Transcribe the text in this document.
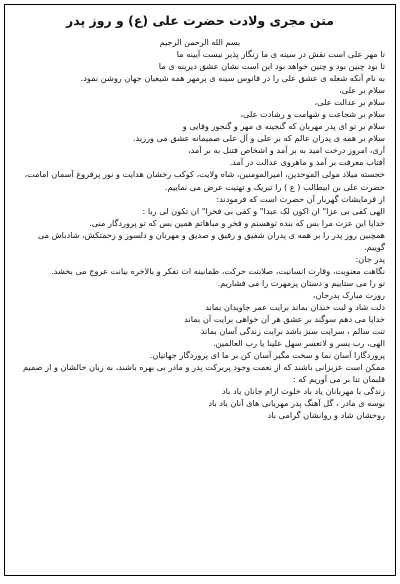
متن مجری ولادت حضرت علی (ع) و روز پدر
بسم الله الرحمن الرحیم
تا مهر علی است نقش در سینه ی ما زنگار پذیر نیست آیینه ما
تا بود چنین بود و چنین خواهد بود این است نشان عشق دیرینه ی ما
به نام آنکه شعله ی عشق علی را در فانوس سینه ی پرمهر همه شیعیان جهان روشن نمود.
سلام بر علی،
سلام بر عدالت علی،
سلام بر شجاعت و شهامت و رشادت علی،
سلام بر تو ای پدر مهربان که گنجینه ی مهر و گنجور وفایی و
سلام بر همه ی پدران عالم که بر علی و آل علی صمیمانه عشق می ورزید.
آری، امروز درخت امید به بر آمد و اشخاص فتنل به بر آمد،
آفتاب معرفت بر آمد و ماهروی عدالت در آمد.
خجسته میلاد مولی الموحدین، امیرالمومنین، شاه ولایت، کوکب رخشان هدایت و نور پرفروغ آسمان امامت،
حضرت علی بن ابیطالب ( ع ) را تبریک و تهنیت عرض می نماییم.
از فرمایشات گهربار آن حضرت است که فرمودند:
الهی کفی بی عزا" ان اکون لک عبدا" و کفی بی فخرا" ان تکون لی ربا :
خدایا این عزت مرا بس که بنده توهستم و فخر و مباهاتم همین بس که تو پروردگار منی.
همچنین روز پدر را بر همه ی پدران شفیق و رفیق و صدیق و مهربان و دلسوز و زحمتکش، شادباش می
گوییم.
پدر جان:
نگاهت معنویت، وقارت انسانیت، صلابتت حرکت، طمانینه ات تفکر و بالاخره بیانت عروج می بخشد.
تو را می ستاییم و دستان پرمهرت را می فشاریم.
روزت مبارک پدرجان،
دلت شاد و لبت خندان بماند برایت عمر جاویدان بماند
خدایا می دهم سوگند بر عشق هر آن خواهی برایت آن بماند
تنت سالم ، سرایت سبز باشد برایت زندگی آسان بماند
الهی، رب یسر و لاتعسر سهل علینا یا رب العالمین.
پروردگارا آسان نما و سخت مگیر آسان کن بر ما ای پروردگار جهانیان.
ممکن است عزیزانی باشند که از نعمت وجود پربرکت پدر و مادر بی بهره باشند، به زبان حالشان و از صمیم
قلبمان تنا بر می آوریم که :
زندگی با مهربانان یاد باد خلوت ارام جانان یاد باد
بوسه ی مادر ، گل آهنگ پدر مهربانی های آنان یاد باد
روحشان شاد و روانشان گرامی باد
